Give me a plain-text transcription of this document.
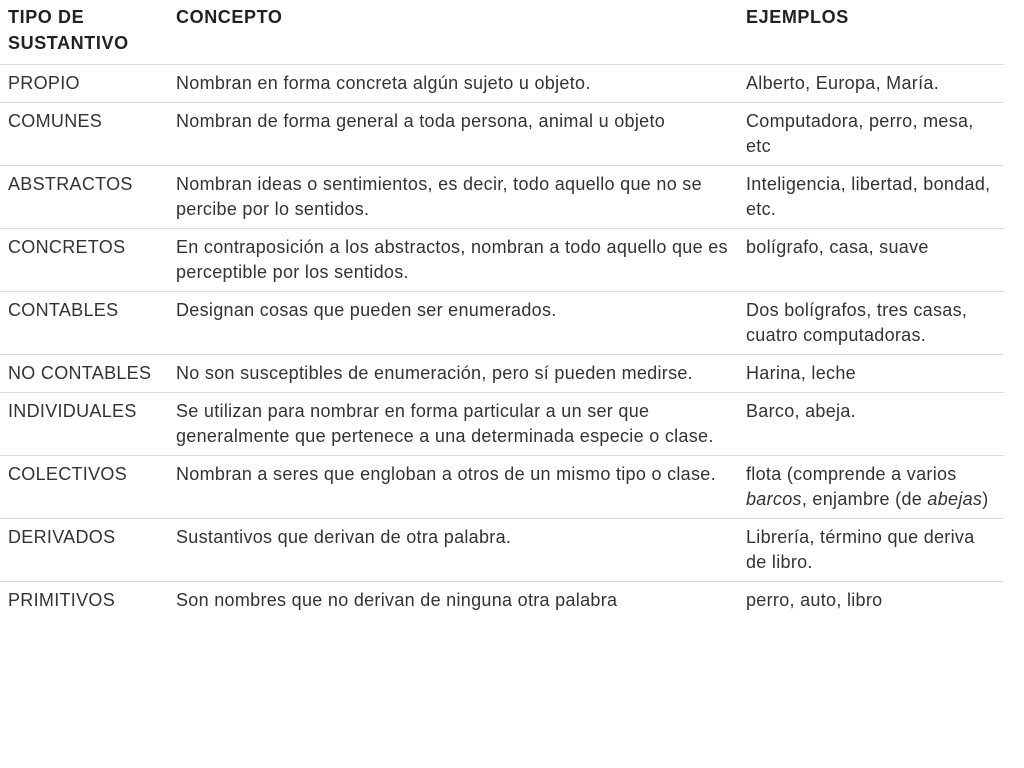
TIPO DE SUSTANTIVO	CONCEPTO	EJEMPLOS
PROPIO	Nombran en forma concreta algún sujeto u objeto.	Alberto, Europa, María.
COMUNES	Nombran de forma general a toda persona, animal u objeto	Computadora, perro, mesa, etc
ABSTRACTOS	Nombran ideas o sentimientos, es decir, todo aquello que no se percibe por lo sentidos.	Inteligencia, libertad, bondad, etc.
CONCRETOS	En contraposición a los abstractos, nombran a todo aquello que es perceptible por los sentidos.	bolígrafo, casa, suave
CONTABLES	Designan cosas que pueden ser enumerados.	Dos bolígrafos, tres casas, cuatro computadoras.
NO CONTABLES	No son susceptibles de enumeración, pero sí pueden medirse.	Harina, leche
INDIVIDUALES	Se utilizan para nombrar en forma particular a un ser que generalmente que pertenece a una determinada especie o clase.	Barco, abeja.
COLECTIVOS	Nombran a seres que engloban a otros de un mismo tipo o clase.	flota (comprende a varios barcos, enjambre (de abejas)
DERIVADOS	Sustantivos que derivan de otra palabra.	Librería, término que deriva de libro.
PRIMITIVOS	Son nombres que no derivan de ninguna otra palabra	perro, auto, libro
